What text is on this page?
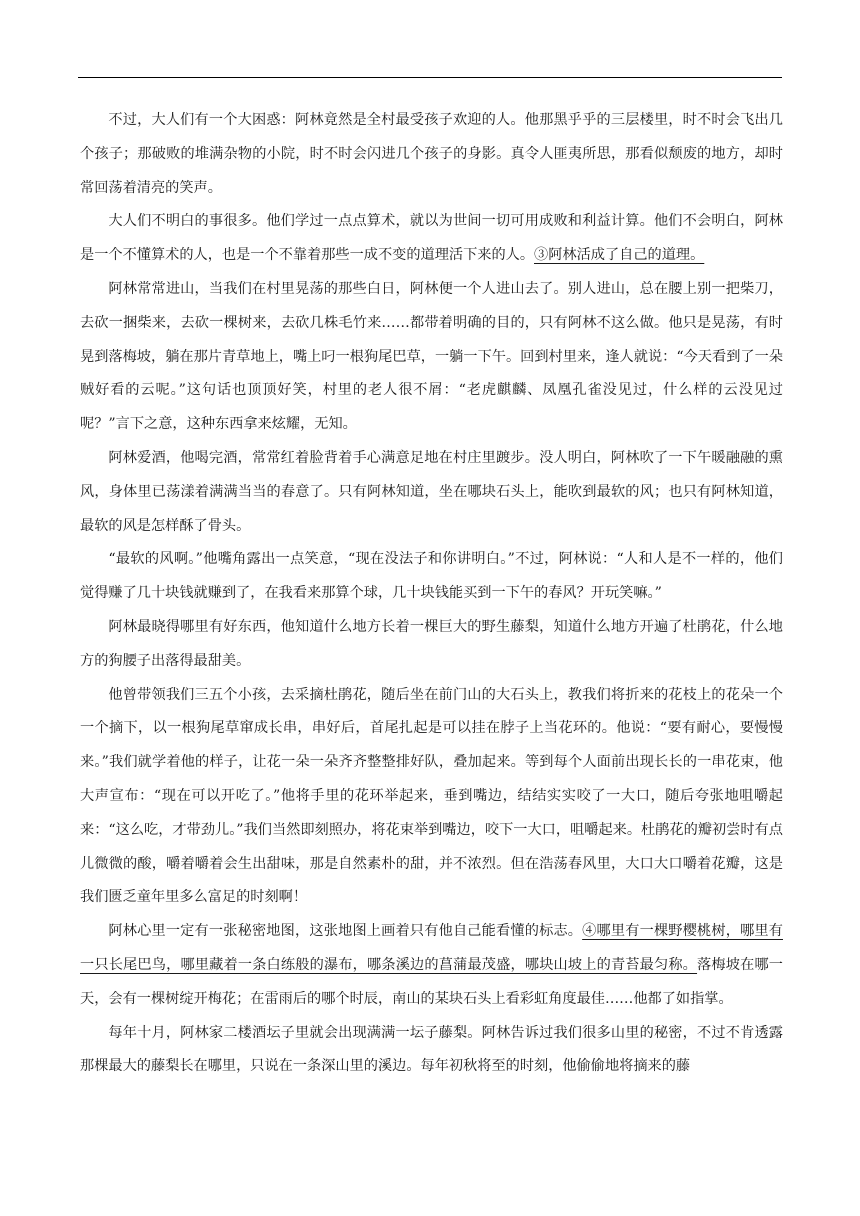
不过，大人们有一个大困惑：阿林竟然是全村最受孩子欢迎的人。他那黑乎乎的三层楼里，时不时会飞出几个孩子；那破败的堆满杂物的小院，时不时会闪进几个孩子的身影。真令人匪夷所思，那看似颓废的地方，却时常回荡着清亮的笑声。

大人们不明白的事很多。他们学过一点点算术，就以为世间一切可用成败和利益计算。他们不会明白，阿林是一个不懂算术的人，也是一个不靠着那些一成不变的道理活下来的人。③阿林活成了自己的道理。

阿林常常进山，当我们在村里晃荡的那些白日，阿林便一个人进山去了。别人进山，总在腰上别一把柴刀，去砍一捆柴来，去砍一棵树来，去砍几株毛竹来……都带着明确的目的，只有阿林不这么做。他只是晃荡，有时晃到落梅坡，躺在那片青草地上，嘴上叼一根狗尾巴草，一躺一下午。回到村里来，逢人就说：“今天看到了一朵贼好看的云呢。”这句话也顶顶好笑，村里的老人很不屑：“老虎麒麟、凤凰孔雀没见过，什么样的云没见过呢？”言下之意，这种东西拿来炫耀，无知。

阿林爱酒，他喝完酒，常常红着脸背着手心满意足地在村庄里踱步。没人明白，阿林吹了一下午暖融融的熏风，身体里已荡漾着满满当当的春意了。只有阿林知道，坐在哪块石头上，能吹到最软的风；也只有阿林知道，最软的风是怎样酥了骨头。

“最软的风啊。”他嘴角露出一点笑意，“现在没法子和你讲明白。”不过，阿林说：“人和人是不一样的，他们觉得赚了几十块钱就赚到了，在我看来那算个球，几十块钱能买到一下午的春风？开玩笑嘛。”

阿林最晓得哪里有好东西，他知道什么地方长着一棵巨大的野生藤梨，知道什么地方开遍了杜鹃花，什么地方的狗腰子出落得最甜美。

他曾带领我们三五个小孩，去采摘杜鹃花，随后坐在前门山的大石头上，教我们将折来的花枝上的花朵一个一个摘下，以一根狗尾草窜成长串，串好后，首尾扎起是可以挂在脖子上当花环的。他说：“要有耐心，要慢慢来。”我们就学着他的样子，让花一朵一朵齐齐整整排好队，叠加起来。等到每个人面前出现长长的一串花束，他大声宣布：“现在可以开吃了。”他将手里的花环举起来，垂到嘴边，结结实实咬了一大口，随后夸张地咀嚼起来：“这么吃，才带劲儿。”我们当然即刻照办，将花束举到嘴边，咬下一大口，咀嚼起来。杜鹃花的瓣初尝时有点儿微微的酸，嚼着嚼着会生出甜味，那是自然素朴的甜，并不浓烈。但在浩荡春风里，大口大口嚼着花瓣，这是我们匮乏童年里多么富足的时刻啊！

阿林心里一定有一张秘密地图，这张地图上画着只有他自己能看懂的标志。④哪里有一棵野樱桃树，哪里有一只长尾巴鸟，哪里藏着一条白练般的瀑布，哪条溪边的菖蒲最茂盛，哪块山坡上的青苔最匀称。落梅坡在哪一天，会有一棵树绽开梅花；在雷雨后的哪个时辰，南山的某块石头上看彩虹角度最佳……他都了如指掌。

每年十月，阿林家二楼酒坛子里就会出现满满一坛子藤梨。阿林告诉过我们很多山里的秘密，不过不肯透露那棵最大的藤梨长在哪里，只说在一条深山里的溪边。每年初秋将至的时刻，他偷偷地将摘来的藤
